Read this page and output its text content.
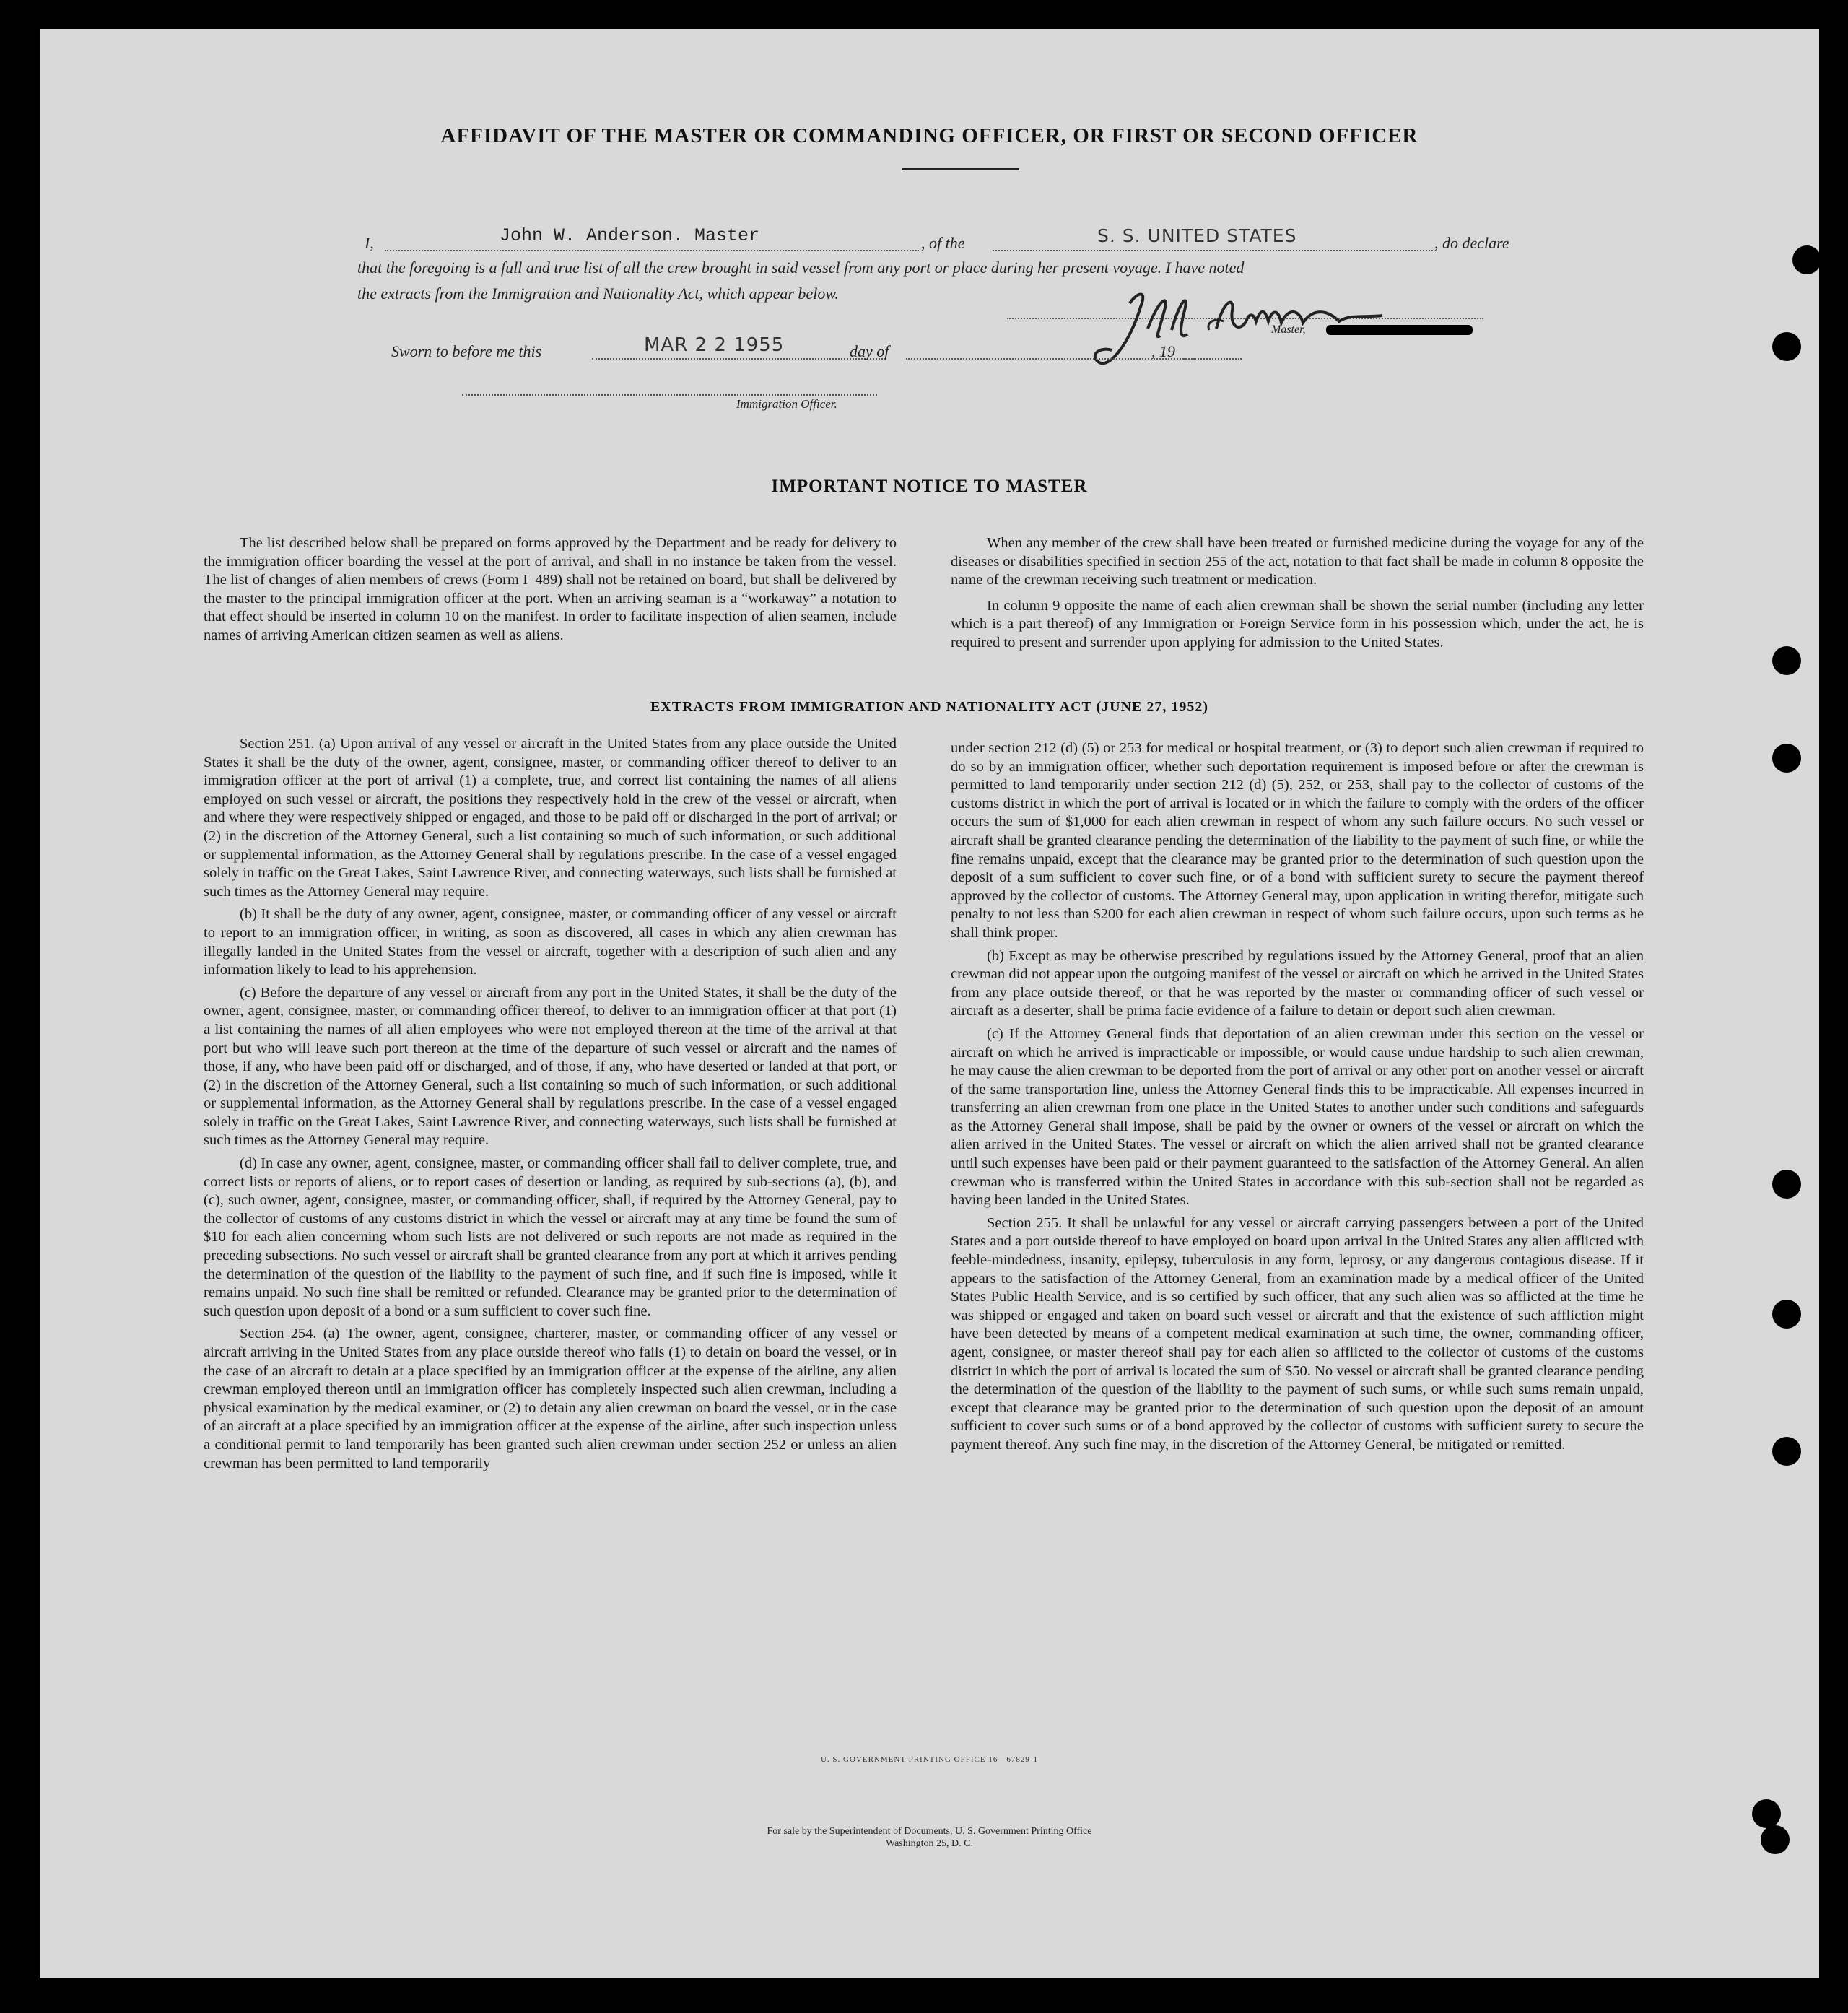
AFFIDAVIT OF THE MASTER OR COMMANDING OFFICER, OR FIRST OR SECOND OFFICER
I,	John W. Anderson. Master	, of the	S. S. UNITED STATES	, do declare
that the foregoing is a full and true list of all the crew brought in said vessel from any port or place during her present voyage. I have noted
the extracts from the Immigration and Nationality Act, which appear below.
Master,
Sworn to before me this	MAR 2 2 1955	day of	, 19
Immigration Officer.
IMPORTANT NOTICE TO MASTER

The list described below shall be prepared on forms approved by the Department and be ready for delivery to the immigration officer boarding the vessel at the port of arrival, and shall in no instance be taken from the vessel. The list of changes of alien members of crews (Form I–489) shall not be retained on board, but shall be delivered by the master to the principal immigration officer at the port. When an arriving seaman is a “workaway” a notation to that effect should be inserted in column 10 on the manifest. In order to facilitate inspection of alien seamen, include names of arriving American citizen seamen as well as aliens.

When any member of the crew shall have been treated or furnished medicine during the voyage for any of the diseases or disabilities specified in section 255 of the act, notation to that fact shall be made in column 8 opposite the name of the crewman receiving such treatment or medication.

In column 9 opposite the name of each alien crewman shall be shown the serial number (including any letter which is a part thereof) of any Immigration or Foreign Service form in his possession which, under the act, he is required to present and surrender upon applying for admission to the United States.

EXTRACTS FROM IMMIGRATION AND NATIONALITY ACT (JUNE 27, 1952)

Section 251. (a) Upon arrival of any vessel or aircraft in the United States from any place outside the United States it shall be the duty of the owner, agent, consignee, master, or commanding officer thereof to deliver to an immigration officer at the port of arrival (1) a complete, true, and correct list containing the names of all aliens employed on such vessel or aircraft, the positions they respectively hold in the crew of the vessel or aircraft, when and where they were respectively shipped or engaged, and those to be paid off or discharged in the port of arrival; or (2) in the discretion of the Attorney General, such a list containing so much of such information, or such additional or supplemental information, as the Attorney General shall by regulations prescribe. In the case of a vessel engaged solely in traffic on the Great Lakes, Saint Lawrence River, and connecting waterways, such lists shall be furnished at such times as the Attorney General may require.

(b) It shall be the duty of any owner, agent, consignee, master, or commanding officer of any vessel or aircraft to report to an immigration officer, in writing, as soon as discovered, all cases in which any alien crewman has illegally landed in the United States from the vessel or aircraft, together with a description of such alien and any information likely to lead to his apprehension.

(c) Before the departure of any vessel or aircraft from any port in the United States, it shall be the duty of the owner, agent, consignee, master, or commanding officer thereof, to deliver to an immigration officer at that port (1) a list containing the names of all alien employees who were not employed thereon at the time of the arrival at that port but who will leave such port thereon at the time of the departure of such vessel or aircraft and the names of those, if any, who have been paid off or discharged, and of those, if any, who have deserted or landed at that port, or (2) in the discretion of the Attorney General, such a list containing so much of such information, or such additional or supplemental information, as the Attorney General shall by regulations prescribe. In the case of a vessel engaged solely in traffic on the Great Lakes, Saint Lawrence River, and connecting waterways, such lists shall be furnished at such times as the Attorney General may require.

(d) In case any owner, agent, consignee, master, or commanding officer shall fail to deliver complete, true, and correct lists or reports of aliens, or to report cases of desertion or landing, as required by sub-sections (a), (b), and (c), such owner, agent, consignee, master, or commanding officer, shall, if required by the Attorney General, pay to the collector of customs of any customs district in which the vessel or aircraft may at any time be found the sum of $10 for each alien concerning whom such lists are not delivered or such reports are not made as required in the preceding subsections. No such vessel or aircraft shall be granted clearance from any port at which it arrives pending the determination of the question of the liability to the payment of such fine, and if such fine is imposed, while it remains unpaid. No such fine shall be remitted or refunded. Clearance may be granted prior to the determination of such question upon deposit of a bond or a sum sufficient to cover such fine.

Section 254. (a) The owner, agent, consignee, charterer, master, or commanding officer of any vessel or aircraft arriving in the United States from any place outside thereof who fails (1) to detain on board the vessel, or in the case of an aircraft to detain at a place specified by an immigration officer at the expense of the airline, any alien crewman employed thereon until an immigration officer has completely inspected such alien crewman, including a physical examination by the medical examiner, or (2) to detain any alien crewman on board the vessel, or in the case of an aircraft at a place specified by an immigration officer at the expense of the airline, after such inspection unless a conditional permit to land temporarily has been granted such alien crewman under section 252 or unless an alien crewman has been permitted to land temporarily

under section 212 (d) (5) or 253 for medical or hospital treatment, or (3) to deport such alien crewman if required to do so by an immigration officer, whether such deportation requirement is imposed before or after the crewman is permitted to land temporarily under section 212 (d) (5), 252, or 253, shall pay to the collector of customs of the customs district in which the port of arrival is located or in which the failure to comply with the orders of the officer occurs the sum of $1,000 for each alien crewman in respect of whom any such failure occurs. No such vessel or aircraft shall be granted clearance pending the determination of the liability to the payment of such fine, or while the fine remains unpaid, except that the clearance may be granted prior to the determination of such question upon the deposit of a sum sufficient to cover such fine, or of a bond with sufficient surety to secure the payment thereof approved by the collector of customs. The Attorney General may, upon application in writing therefor, mitigate such penalty to not less than $200 for each alien crewman in respect of whom such failure occurs, upon such terms as he shall think proper.

(b) Except as may be otherwise prescribed by regulations issued by the Attorney General, proof that an alien crewman did not appear upon the outgoing manifest of the vessel or aircraft on which he arrived in the United States from any place outside thereof, or that he was reported by the master or commanding officer of such vessel or aircraft as a deserter, shall be prima facie evidence of a failure to detain or deport such alien crewman.

(c) If the Attorney General finds that deportation of an alien crewman under this section on the vessel or aircraft on which he arrived is impracticable or impossible, or would cause undue hardship to such alien crewman, he may cause the alien crewman to be deported from the port of arrival or any other port on another vessel or aircraft of the same transportation line, unless the Attorney General finds this to be impracticable. All expenses incurred in transferring an alien crewman from one place in the United States to another under such conditions and safeguards as the Attorney General shall impose, shall be paid by the owner or owners of the vessel or aircraft on which the alien arrived in the United States. The vessel or aircraft on which the alien arrived shall not be granted clearance until such expenses have been paid or their payment guaranteed to the satisfaction of the Attorney General. An alien crewman who is transferred within the United States in accordance with this sub-section shall not be regarded as having been landed in the United States.

Section 255. It shall be unlawful for any vessel or aircraft carrying passengers between a port of the United States and a port outside thereof to have employed on board upon arrival in the United States any alien afflicted with feeble-mindedness, insanity, epilepsy, tuberculosis in any form, leprosy, or any dangerous contagious disease. If it appears to the satisfaction of the Attorney General, from an examination made by a medical officer of the United States Public Health Service, and is so certified by such officer, that any such alien was so afflicted at the time he was shipped or engaged and taken on board such vessel or aircraft and that the existence of such affliction might have been detected by means of a competent medical examination at such time, the owner, commanding officer, agent, consignee, or master thereof shall pay for each alien so afflicted to the collector of customs of the customs district in which the port of arrival is located the sum of $50. No vessel or aircraft shall be granted clearance pending the determination of the question of the liability to the payment of such sums, or while such sums remain unpaid, except that clearance may be granted prior to the determination of such question upon the deposit of an amount sufficient to cover such sums or of a bond approved by the collector of customs with sufficient surety to secure the payment thereof. Any such fine may, in the discretion of the Attorney General, be mitigated or remitted.

U. S. GOVERNMENT PRINTING OFFICE 16—67829-1
For sale by the Superintendent of Documents, U. S. Government Printing Office
Washington 25, D. C.
